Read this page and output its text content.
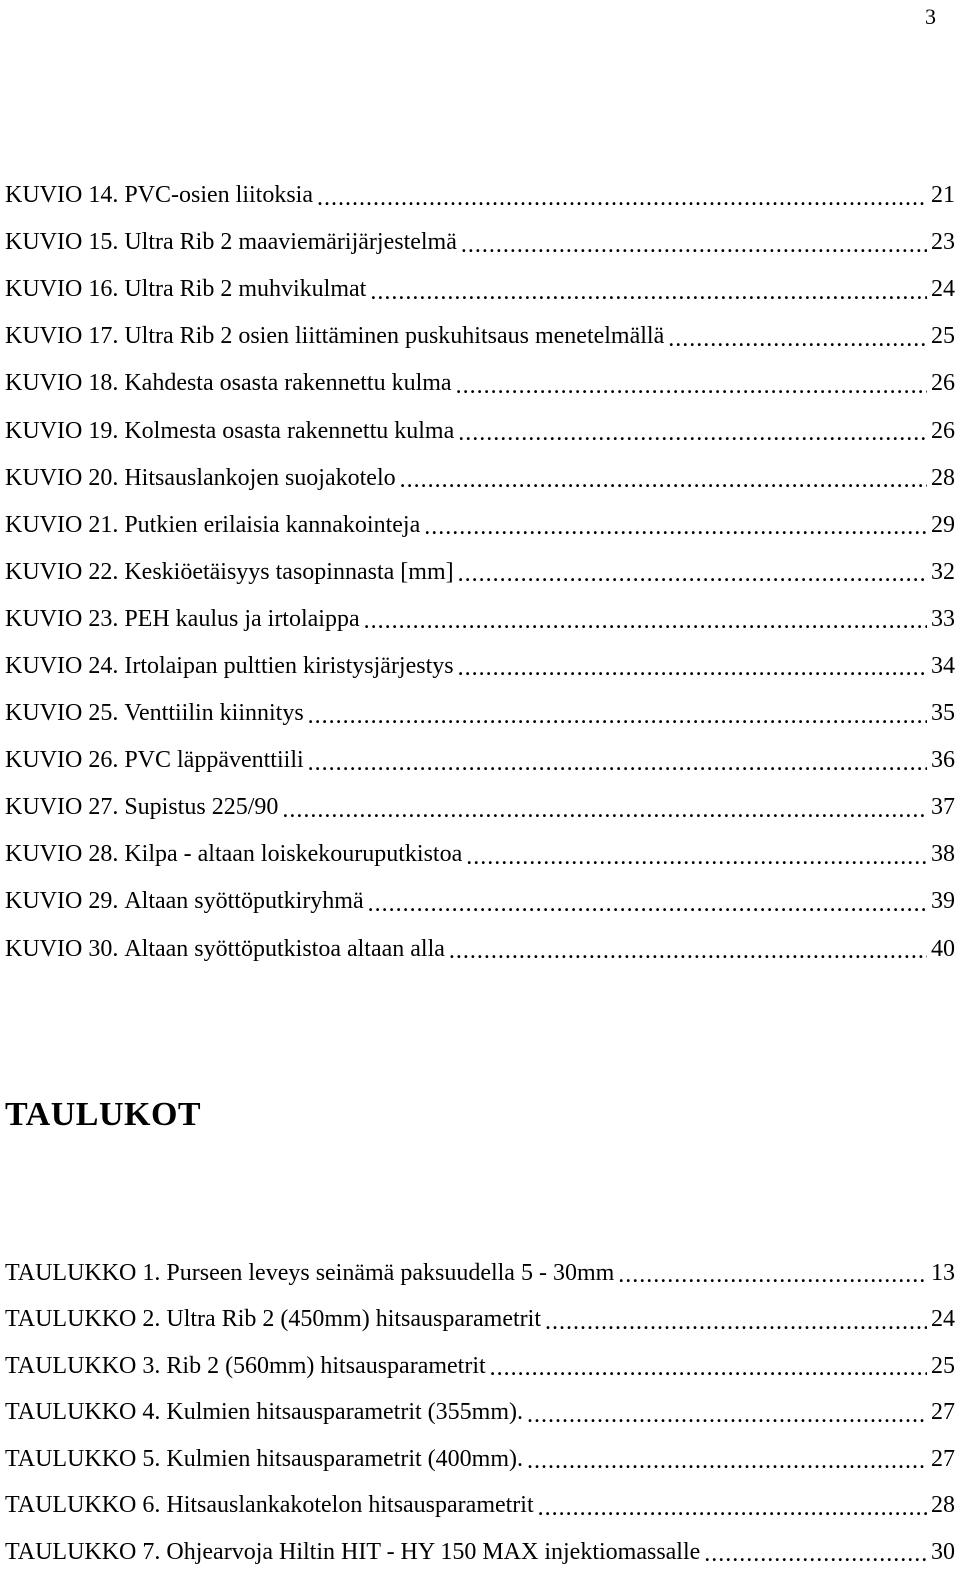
3
KUVIO 14. PVC-osien liitoksia .....	21
KUVIO 15. Ultra Rib 2 maaviemärijärjestelmä .....	23
KUVIO 16. Ultra Rib 2 muhvikulmat .....	24
KUVIO 17. Ultra Rib 2 osien liittäminen puskuhitsaus menetelmällä .....	25
KUVIO 18. Kahdesta osasta rakennettu kulma .....	26
KUVIO 19. Kolmesta osasta rakennettu kulma .....	26
KUVIO 20. Hitsauslankojen suojakotelo .....	28
KUVIO 21. Putkien erilaisia kannakointeja .....	29
KUVIO 22. Keskiöetäisyys tasopinnasta [mm] .....	32
KUVIO 23. PEH kaulus ja irtolaippa .....	33
KUVIO 24. Irtolaipan pulttien kiristysjärjestys .....	34
KUVIO 25. Venttiilin kiinnitys .....	35
KUVIO 26. PVC läppäventtiili .....	36
KUVIO 27. Supistus 225/90 .....	37
KUVIO 28. Kilpa - altaan loiskekouruputkistoa .....	38
KUVIO 29. Altaan syöttöputkiryhmä .....	39
KUVIO 30. Altaan syöttöputkistoa altaan alla .....	40
TAULUKOT
TAULUKKO 1. Purseen leveys seinämä paksuudella 5 - 30mm .....	13
TAULUKKO 2. Ultra Rib 2 (450mm) hitsausparametrit .....	24
TAULUKKO 3. Rib 2 (560mm) hitsausparametrit .....	25
TAULUKKO 4. Kulmien hitsausparametrit (355mm). .....	27
TAULUKKO 5. Kulmien hitsausparametrit (400mm). .....	27
TAULUKKO 6. Hitsauslankakotelon hitsausparametrit .....	28
TAULUKKO 7. Ohjearvoja Hiltin HIT - HY 150 MAX injektiomassalle .....	30
